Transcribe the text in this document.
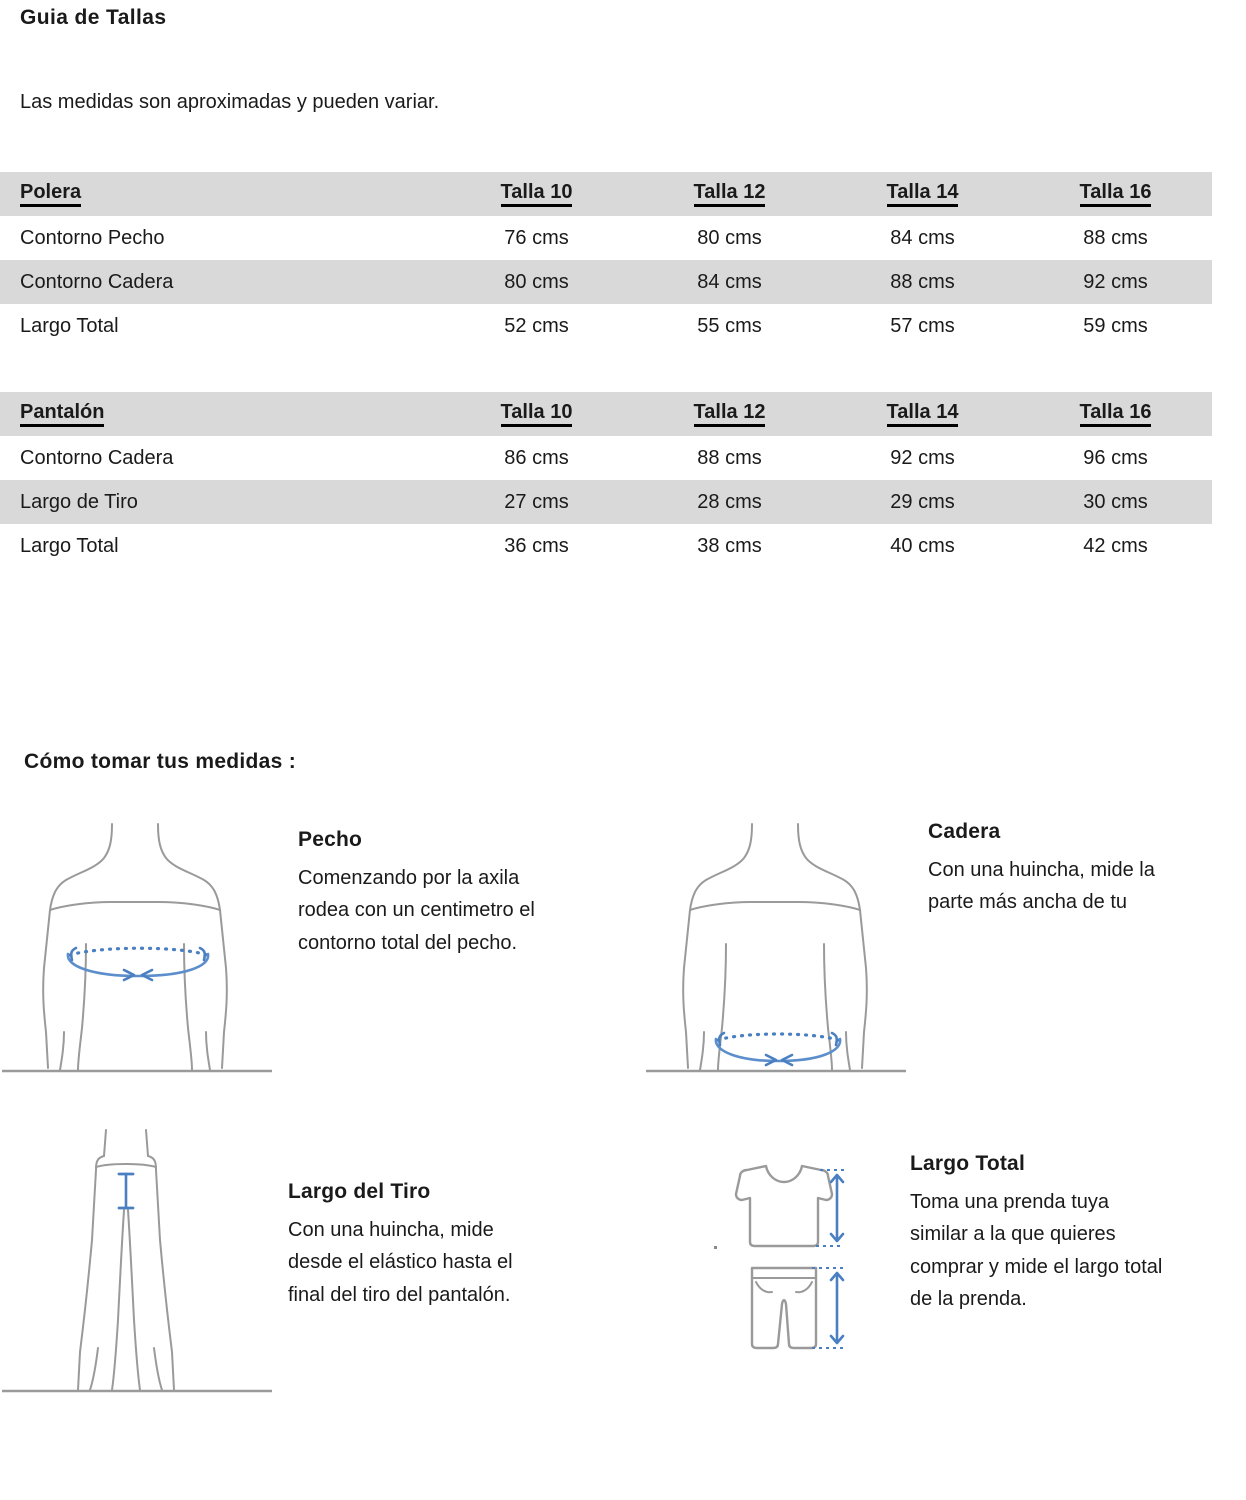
Guia de Tallas
Las medidas son aproximadas y pueden variar.
Polera	Talla 10	Talla 12	Talla 14	Talla 16
Contorno Pecho	76 cms	80 cms	84 cms	88 cms
Contorno Cadera	80 cms	84 cms	88 cms	92 cms
Largo Total	52 cms	55 cms	57 cms	59 cms
Pantalón	Talla 10	Talla 12	Talla 14	Talla 16
Contorno Cadera	86 cms	88 cms	92 cms	96 cms
Largo de Tiro	27 cms	28 cms	29 cms	30 cms
Largo Total	36 cms	38 cms	40 cms	42 cms
Cómo tomar tus medidas :

Pecho

Comenzando por la axila
rodea con un centimetro el
contorno total del pecho.

Cadera

Con una huincha, mide la
parte más ancha de tu

Largo del Tiro

Con una huincha, mide
desde el elástico hasta el
final del tiro del pantalón.

Largo Total

Toma una prenda tuya
similar a la que quieres
comprar y mide el largo total
de la prenda.
